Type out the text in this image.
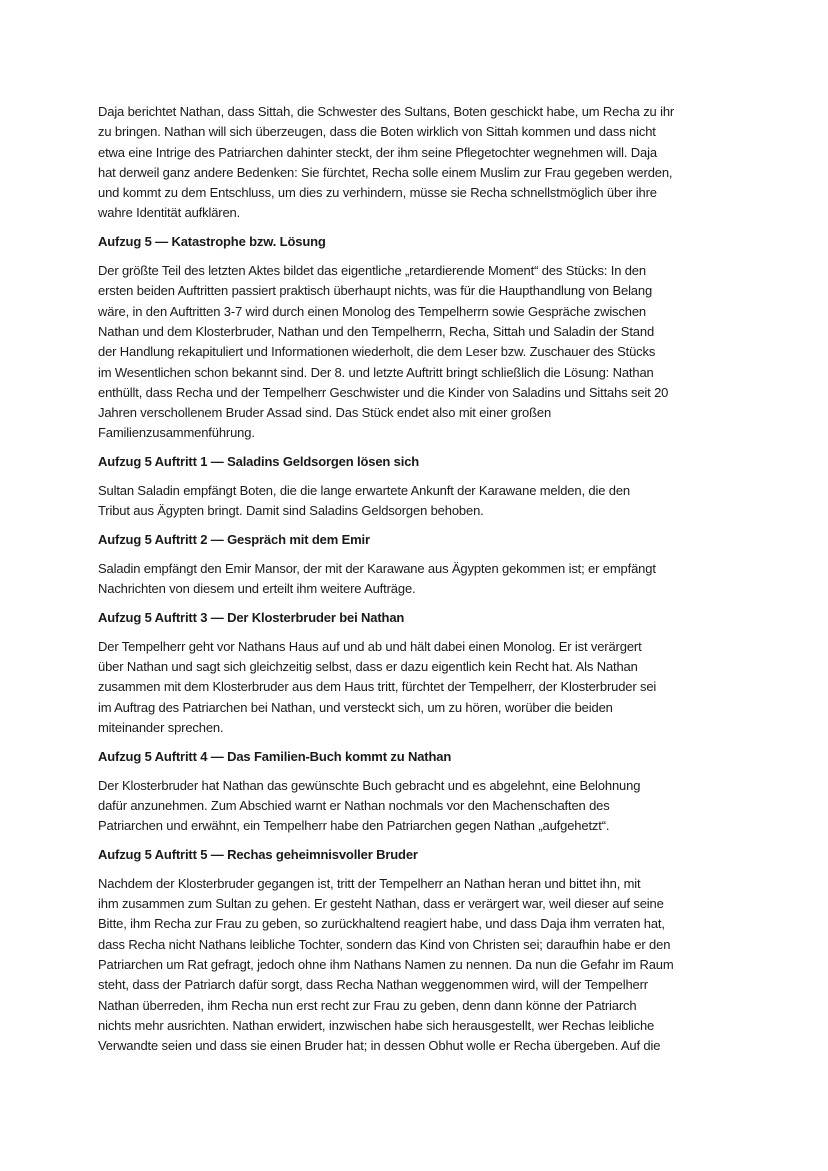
Daja berichtet Nathan, dass Sittah, die Schwester des Sultans, Boten geschickt habe, um Recha zu ihr
zu bringen. Nathan will sich überzeugen, dass die Boten wirklich von Sittah kommen und dass nicht
etwa eine Intrige des Patriarchen dahinter steckt, der ihm seine Pflegetochter wegnehmen will. Daja
hat derweil ganz andere Bedenken: Sie fürchtet, Recha solle einem Muslim zur Frau gegeben werden,
und kommt zu dem Entschluss, um dies zu verhindern, müsse sie Recha schnellstmöglich über ihre
wahre Identität aufklären.
Aufzug 5 — Katastrophe bzw. Lösung
Der größte Teil des letzten Aktes bildet das eigentliche „retardierende Moment“ des Stücks: In den
ersten beiden Auftritten passiert praktisch überhaupt nichts, was für die Haupthandlung von Belang
wäre, in den Auftritten 3-7 wird durch einen Monolog des Tempelherrn sowie Gespräche zwischen
Nathan und dem Klosterbruder, Nathan und den Tempelherrn, Recha, Sittah und Saladin der Stand
der Handlung rekapituliert und Informationen wiederholt, die dem Leser bzw. Zuschauer des Stücks
im Wesentlichen schon bekannt sind. Der 8. und letzte Auftritt bringt schließlich die Lösung: Nathan
enthüllt, dass Recha und der Tempelherr Geschwister und die Kinder von Saladins und Sittahs seit 20
Jahren verschollenem Bruder Assad sind. Das Stück endet also mit einer großen
Familienzusammenführung.
Aufzug 5 Auftritt 1 — Saladins Geldsorgen lösen sich
Sultan Saladin empfängt Boten, die die lange erwartete Ankunft der Karawane melden, die den
Tribut aus Ägypten bringt. Damit sind Saladins Geldsorgen behoben.
Aufzug 5 Auftritt 2 — Gespräch mit dem Emir
Saladin empfängt den Emir Mansor, der mit der Karawane aus Ägypten gekommen ist; er empfängt
Nachrichten von diesem und erteilt ihm weitere Aufträge.
Aufzug 5 Auftritt 3 — Der Klosterbruder bei Nathan
Der Tempelherr geht vor Nathans Haus auf und ab und hält dabei einen Monolog. Er ist verärgert
über Nathan und sagt sich gleichzeitig selbst, dass er dazu eigentlich kein Recht hat. Als Nathan
zusammen mit dem Klosterbruder aus dem Haus tritt, fürchtet der Tempelherr, der Klosterbruder sei
im Auftrag des Patriarchen bei Nathan, und versteckt sich, um zu hören, worüber die beiden
miteinander sprechen.
Aufzug 5 Auftritt 4 — Das Familien-Buch kommt zu Nathan
Der Klosterbruder hat Nathan das gewünschte Buch gebracht und es abgelehnt, eine Belohnung
dafür anzunehmen. Zum Abschied warnt er Nathan nochmals vor den Machenschaften des
Patriarchen und erwähnt, ein Tempelherr habe den Patriarchen gegen Nathan „aufgehetzt“.
Aufzug 5 Auftritt 5 — Rechas geheimnisvoller Bruder
Nachdem der Klosterbruder gegangen ist, tritt der Tempelherr an Nathan heran und bittet ihn, mit
ihm zusammen zum Sultan zu gehen. Er gesteht Nathan, dass er verärgert war, weil dieser auf seine
Bitte, ihm Recha zur Frau zu geben, so zurückhaltend reagiert habe, und dass Daja ihm verraten hat,
dass Recha nicht Nathans leibliche Tochter, sondern das Kind von Christen sei; daraufhin habe er den
Patriarchen um Rat gefragt, jedoch ohne ihm Nathans Namen zu nennen. Da nun die Gefahr im Raum
steht, dass der Patriarch dafür sorgt, dass Recha Nathan weggenommen wird, will der Tempelherr
Nathan überreden, ihm Recha nun erst recht zur Frau zu geben, denn dann könne der Patriarch
nichts mehr ausrichten. Nathan erwidert, inzwischen habe sich herausgestellt, wer Rechas leibliche
Verwandte seien und dass sie einen Bruder hat; in dessen Obhut wolle er Recha übergeben. Auf die
